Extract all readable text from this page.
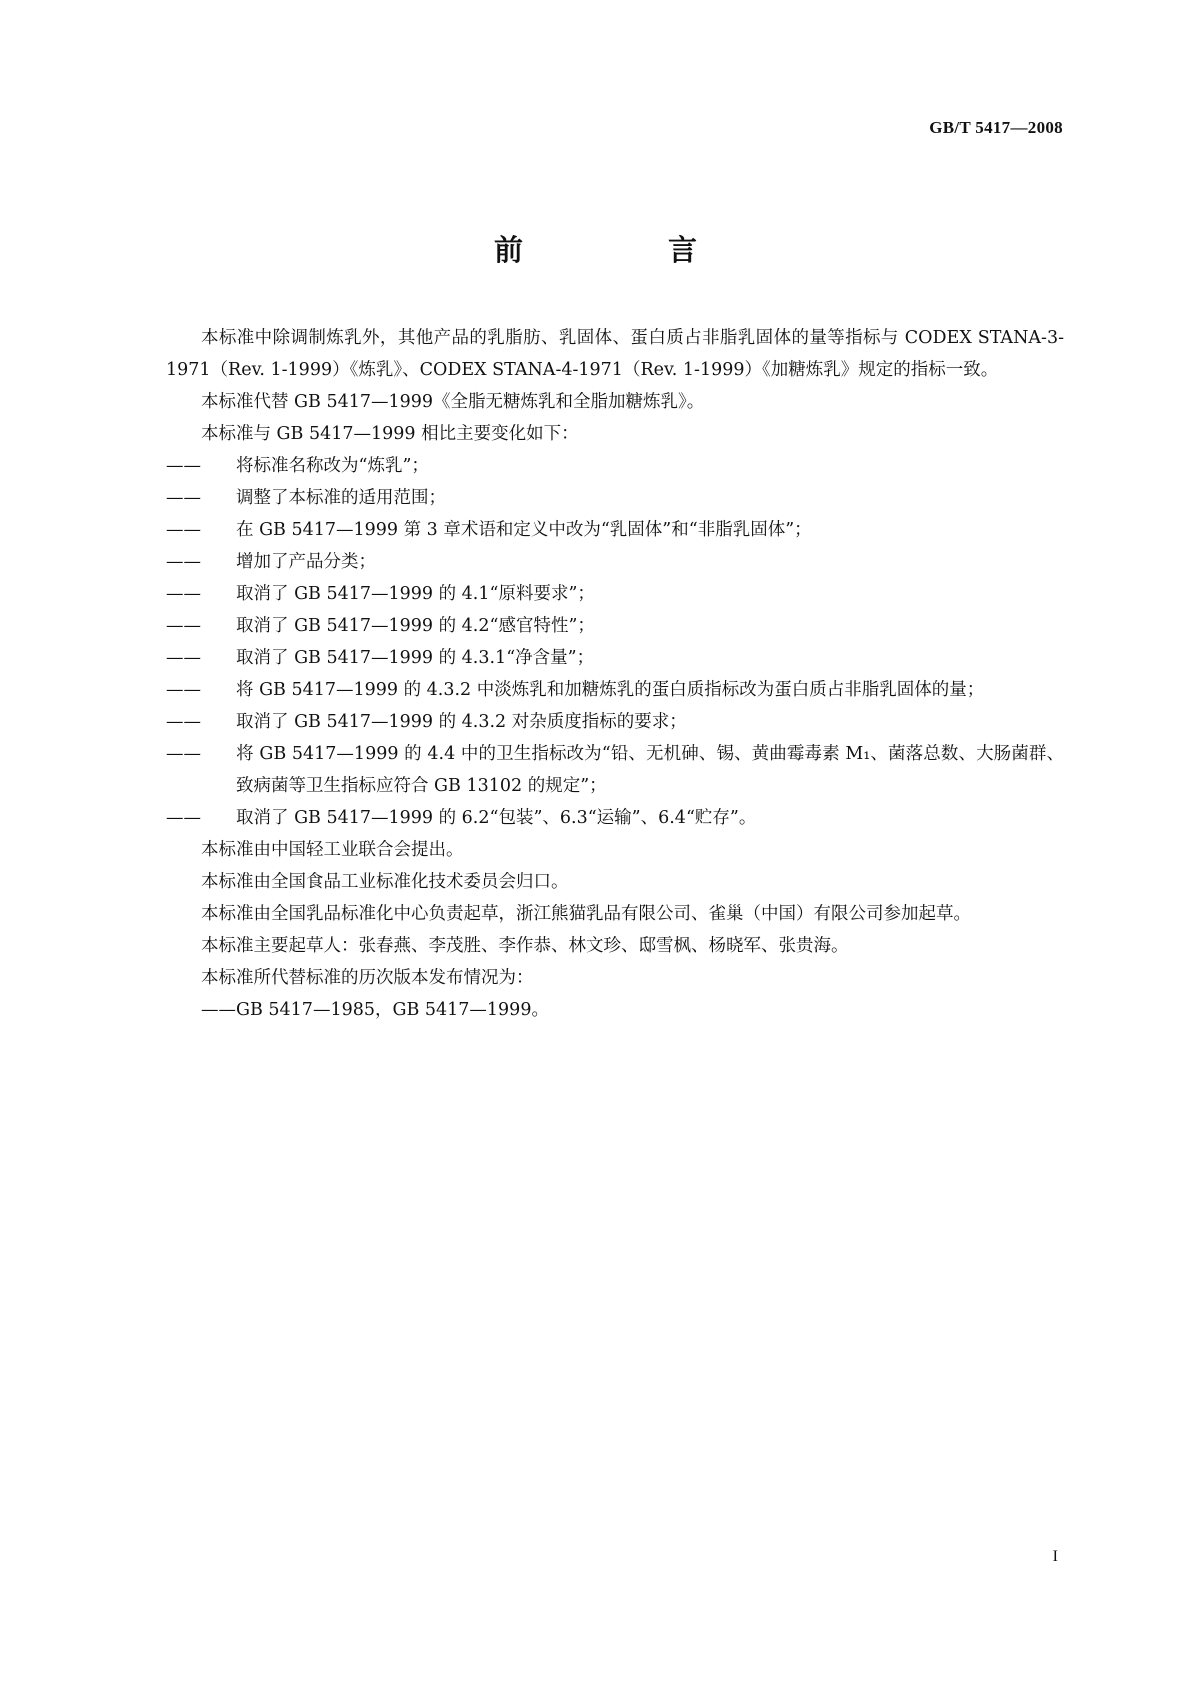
GB/T 5417—2008
前　言

本标准中除调制炼乳外，其他产品的乳脂肪、乳固体、蛋白质占非脂乳固体的量等指标与 CODEX STANA-3-1971（Rev. 1-1999）《炼乳》、CODEX STANA-4-1971（Rev. 1-1999）《加糖炼乳》规定的指标一致。

本标准代替 GB 5417—1999《全脂无糖炼乳和全脂加糖炼乳》。

本标准与 GB 5417—1999 相比主要变化如下：

—— 将标准名称改为“炼乳”；

—— 调整了本标准的适用范围；

—— 在 GB 5417—1999 第 3 章术语和定义中改为“乳固体”和“非脂乳固体”；

—— 增加了产品分类；

—— 取消了 GB 5417—1999 的 4.1“原料要求”；

—— 取消了 GB 5417—1999 的 4.2“感官特性”；

—— 取消了 GB 5417—1999 的 4.3.1“净含量”；

—— 将 GB 5417—1999 的 4.3.2 中淡炼乳和加糖炼乳的蛋白质指标改为蛋白质占非脂乳固体的量；

—— 取消了 GB 5417—1999 的 4.3.2 对杂质度指标的要求；

—— 将 GB 5417—1999 的 4.4 中的卫生指标改为“铅、无机砷、锡、黄曲霉毒素 M₁、菌落总数、大肠菌群、致病菌等卫生指标应符合 GB 13102 的规定”；

—— 取消了 GB 5417—1999 的 6.2“包装”、6.3“运输”、6.4“贮存”。

本标准由中国轻工业联合会提出。

本标准由全国食品工业标准化技术委员会归口。

本标准由全国乳品标准化中心负责起草，浙江熊猫乳品有限公司、雀巢（中国）有限公司参加起草。

本标准主要起草人：张春燕、李茂胜、李作恭、林文珍、邸雪枫、杨晓军、张贵海。

本标准所代替标准的历次版本发布情况为：

——GB 5417—1985，GB 5417—1999。

I
